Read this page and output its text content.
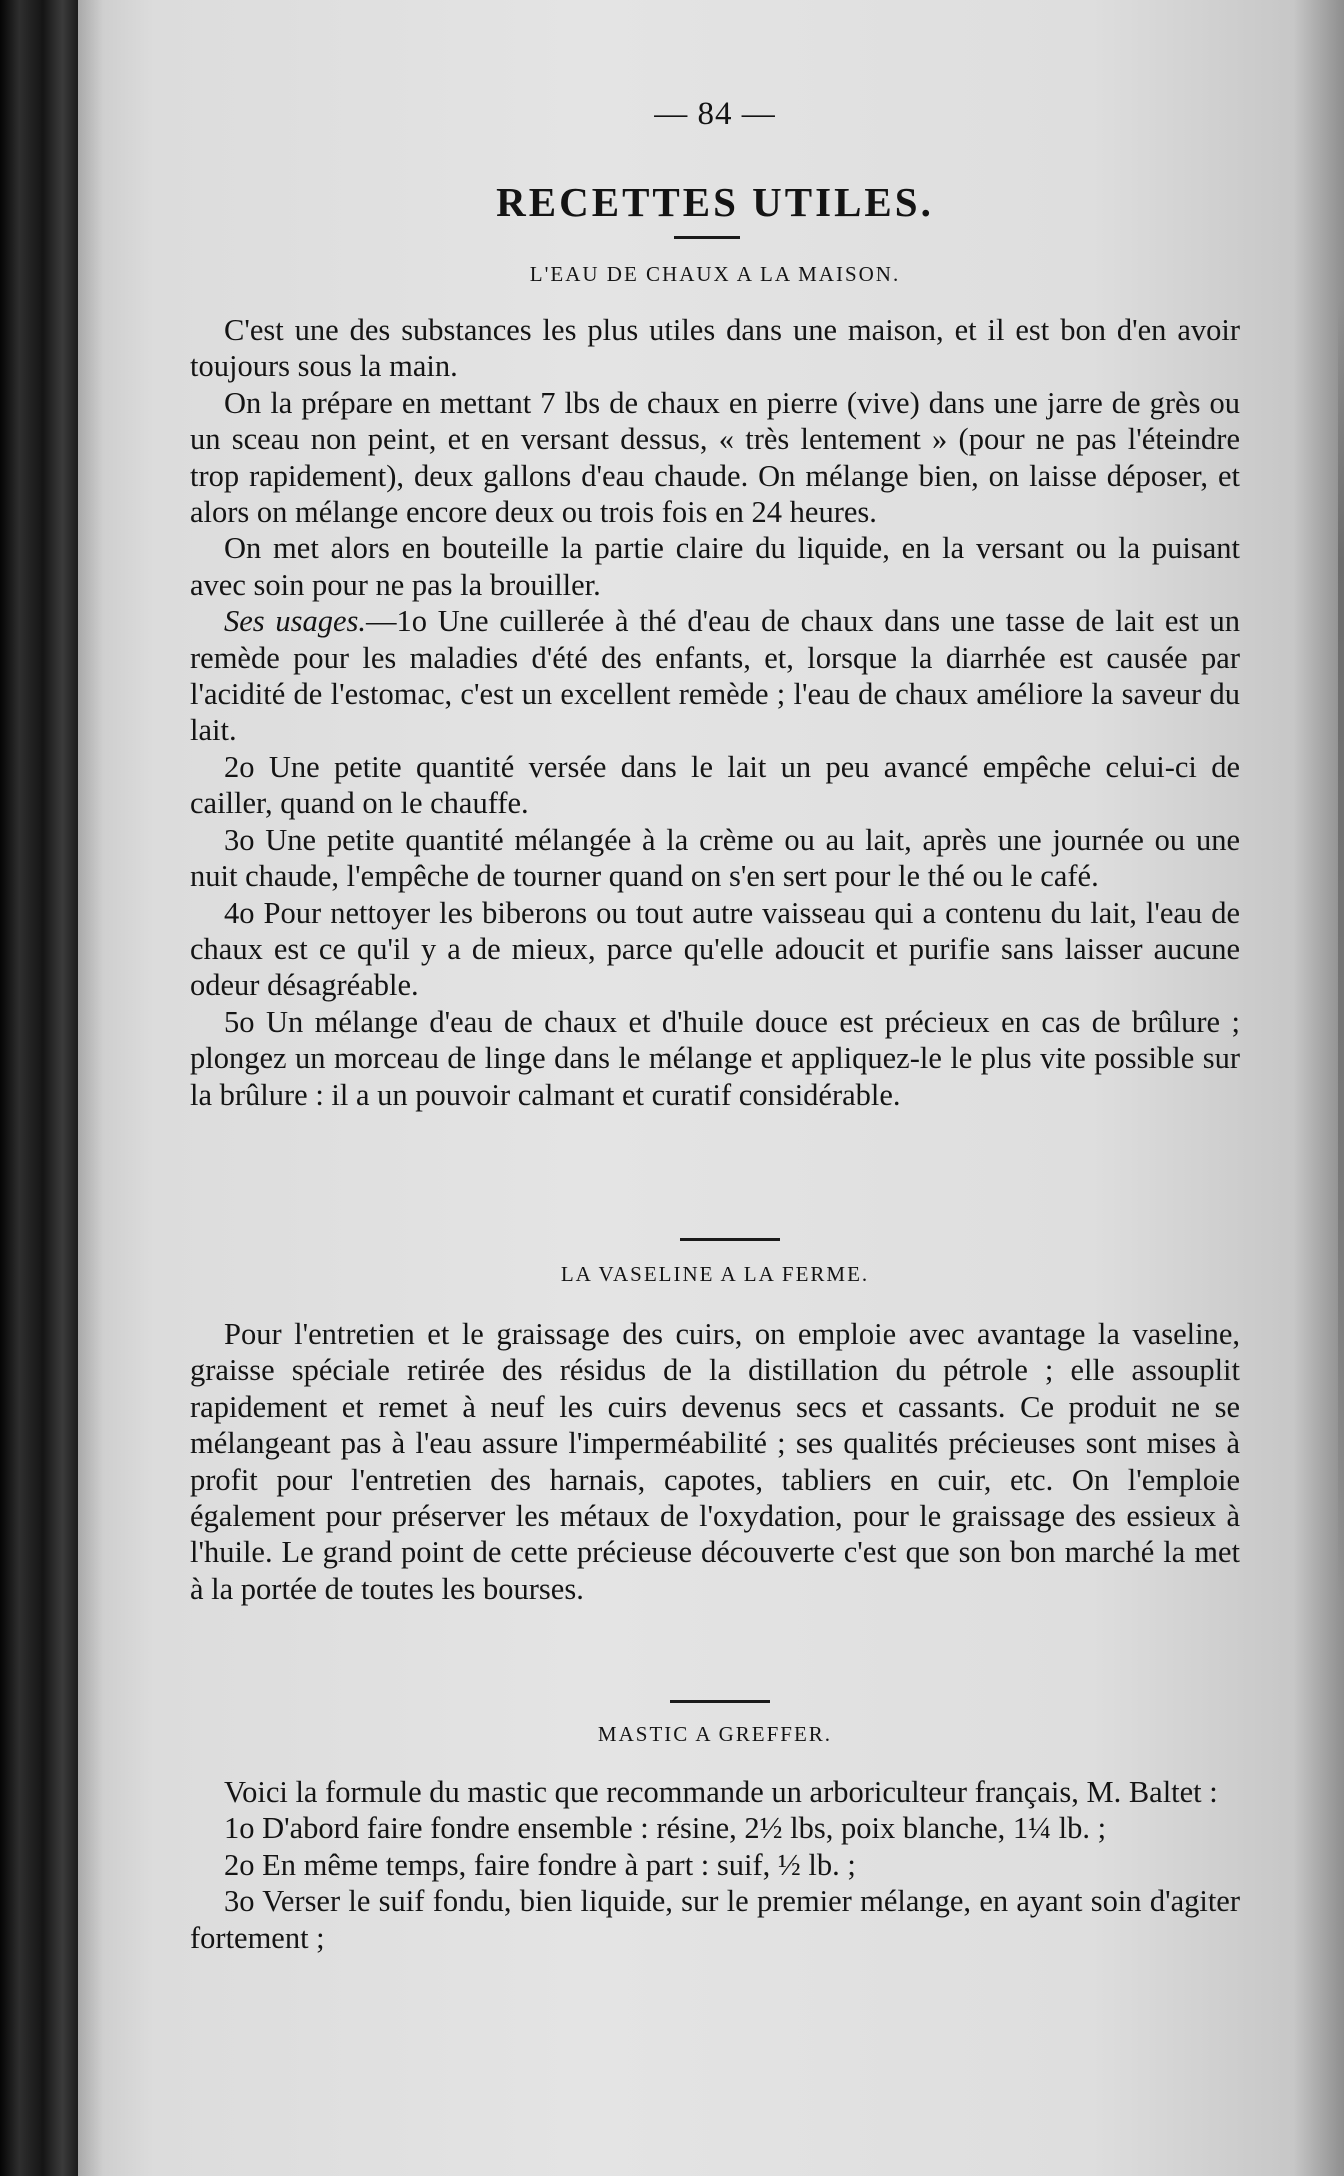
— 84 —
RECETTES UTILES.
L'EAU DE CHAUX A LA MAISON.

C'est une des substances les plus utiles dans une maison, et il est bon d'en avoir toujours sous la main.

On la prépare en mettant 7 lbs de chaux en pierre (vive) dans une jarre de grès ou un sceau non peint, et en versant dessus, « très lentement » (pour ne pas l'éteindre trop rapidement), deux gallons d'eau chaude. On mélange bien, on laisse déposer, et alors on mélange encore deux ou trois fois en 24 heures.

On met alors en bouteille la partie claire du liquide, en la versant ou la puisant avec soin pour ne pas la brouiller.

Ses usages.—1o Une cuillerée à thé d'eau de chaux dans une tasse de lait est un remède pour les maladies d'été des enfants, et, lorsque la diarrhée est causée par l'acidité de l'estomac, c'est un excellent remède ; l'eau de chaux améliore la saveur du lait.

2o Une petite quantité versée dans le lait un peu avancé empêche celui-ci de cailler, quand on le chauffe.

3o Une petite quantité mélangée à la crème ou au lait, après une journée ou une nuit chaude, l'empêche de tourner quand on s'en sert pour le thé ou le café.

4o Pour nettoyer les biberons ou tout autre vaisseau qui a contenu du lait, l'eau de chaux est ce qu'il y a de mieux, parce qu'elle adoucit et purifie sans laisser aucune odeur désagréable.

5o Un mélange d'eau de chaux et d'huile douce est précieux en cas de brûlure ; plongez un morceau de linge dans le mélange et appliquez-le le plus vite possible sur la brûlure : il a un pouvoir calmant et curatif considérable.

LA VASELINE A LA FERME.

Pour l'entretien et le graissage des cuirs, on emploie avec avantage la vaseline, graisse spéciale retirée des résidus de la distillation du pétrole ; elle assouplit rapidement et remet à neuf les cuirs devenus secs et cassants. Ce produit ne se mélangeant pas à l'eau assure l'imperméabilité ; ses qualités précieuses sont mises à profit pour l'entretien des harnais, capotes, tabliers en cuir, etc. On l'emploie également pour préserver les métaux de l'oxydation, pour le graissage des essieux à l'huile. Le grand point de cette précieuse découverte c'est que son bon marché la met à la portée de toutes les bourses.

MASTIC A GREFFER.

Voici la formule du mastic que recommande un arboriculteur français, M. Baltet :

1o D'abord faire fondre ensemble : résine, 2½ lbs, poix blanche, 1¼ lb. ;

2o En même temps, faire fondre à part : suif, ½ lb. ;

3o Verser le suif fondu, bien liquide, sur le premier mélange, en ayant soin d'agiter fortement ;
